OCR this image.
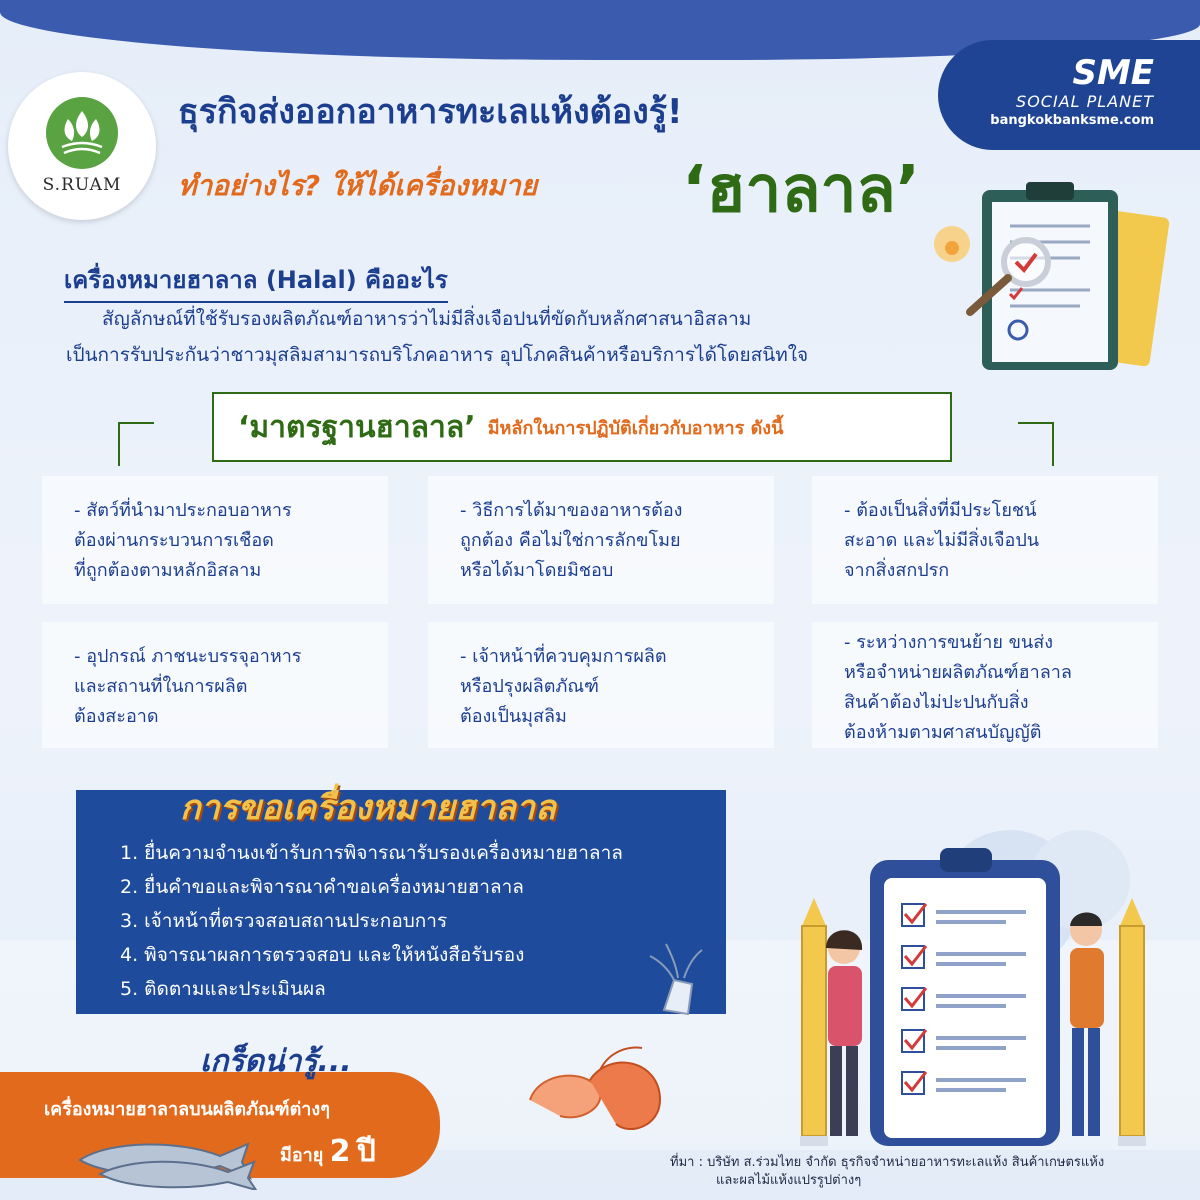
S.RUAM
SME
SOCIAL PLANET
bangkokbanksme.com
ธุรกิจส่งออกอาหารทะเลแห้งต้องรู้!
ทำอย่างไร? ให้ได้เครื่องหมาย ‘ฮาลาล’
เครื่องหมายฮาลาล (Halal) คืออะไร
สัญลักษณ์ที่ใช้รับรองผลิตภัณฑ์อาหารว่าไม่มีสิ่งเจือปนที่ขัดกับหลักศาสนาอิสลาม
เป็นการรับประกันว่าชาวมุสลิมสามารถบริโภคอาหาร อุปโภคสินค้าหรือบริการได้โดยสนิทใจ
‘มาตรฐานฮาลาล’ มีหลักในการปฏิบัติเกี่ยวกับอาหาร ดังนี้
- สัตว์ที่นำมาประกอบอาหาร
ต้องผ่านกระบวนการเชือด
ที่ถูกต้องตามหลักอิสลาม
- วิธีการได้มาของอาหารต้อง
ถูกต้อง คือไม่ใช่การลักขโมย
หรือได้มาโดยมิชอบ
- ต้องเป็นสิ่งที่มีประโยชน์
สะอาด และไม่มีสิ่งเจือปน
จากสิ่งสกปรก
- อุปกรณ์ ภาชนะบรรจุอาหาร
และสถานที่ในการผลิต
ต้องสะอาด
- เจ้าหน้าที่ควบคุมการผลิต
หรือปรุงผลิตภัณฑ์
ต้องเป็นมุสลิม
- ระหว่างการขนย้าย ขนส่ง
หรือจำหน่ายผลิตภัณฑ์ฮาลาล
สินค้าต้องไม่ปะปนกับสิ่ง
ต้องห้ามตามศาสนบัญญัติ
การขอเครื่องหมายฮาลาล
1. ยื่นความจำนงเข้ารับการพิจารณารับรองเครื่องหมายฮาลาล
2. ยื่นคำขอและพิจารณาคำขอเครื่องหมายฮาลาล
3. เจ้าหน้าที่ตรวจสอบสถานประกอบการ
4. พิจารณาผลการตรวจสอบ และให้หนังสือรับรอง
5. ติดตามและประเมินผล
เกร็ดน่ารู้...
เครื่องหมายฮาลาลบนผลิตภัณฑ์ต่างๆ
มีอายุ 2 ปี	ที่มา : บริษัท ส.ร่วมไทย จำกัด ธุรกิจจำหน่ายอาหารทะเลแห้ง สินค้าเกษตรแห้ง
และผลไม้แห้งแปรรูปต่างๆ
